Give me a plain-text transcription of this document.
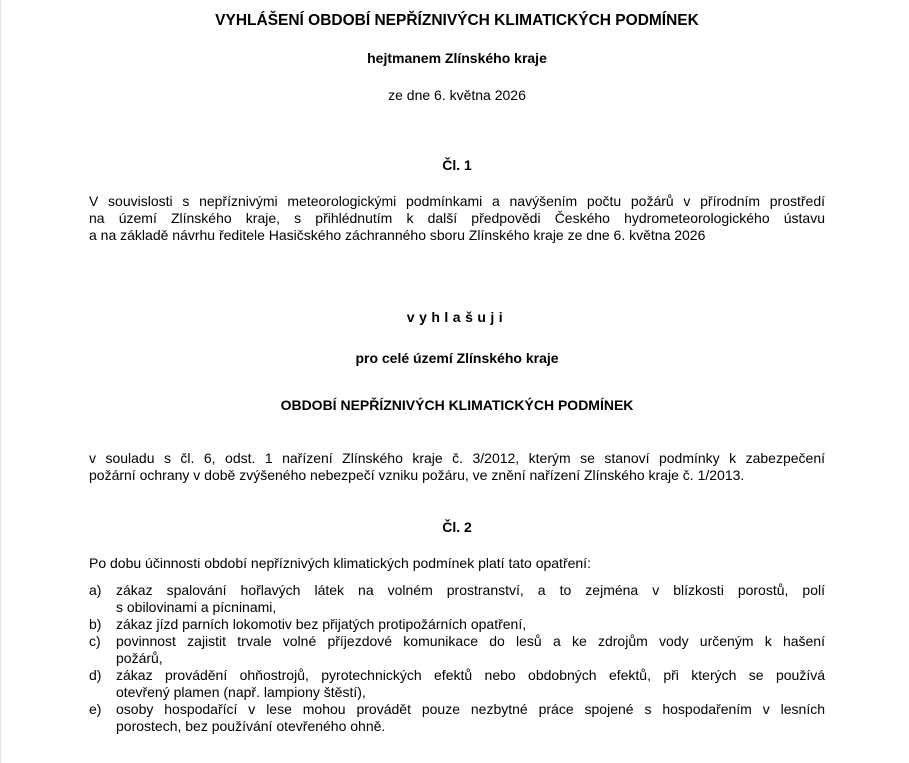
VYHLÁŠENÍ OBDOBÍ NEPŘÍZNIVÝCH KLIMATICKÝCH PODMÍNEK
hejtmanem Zlínského kraje
ze dne 6. května 2026
Čl. 1
V souvislosti s nepříznivými meteorologickými podmínkami a navýšením počtu požárů v přírodním prostředí
na území Zlínského kraje, s přihlédnutím k další předpovědi Českého hydrometeorologického ústavu
a na základě návrhu ředitele Hasičského záchranného sboru Zlínského kraje ze dne 6. května 2026
vyhlašuji
pro celé území Zlínského kraje
OBDOBÍ NEPŘÍZNIVÝCH KLIMATICKÝCH PODMÍNEK
v souladu s čl. 6, odst. 1 nařízení Zlínského kraje č. 3/2012, kterým se stanoví podmínky k zabezpečení
požární ochrany v době zvýšeného nebezpečí vzniku požáru, ve znění nařízení Zlínského kraje č. 1/2013.
Čl. 2
Po dobu účinnosti období nepříznivých klimatických podmínek platí tato opatření:
a) zákaz spalování hořlavých látek na volném prostranství, a to zejména v blízkosti porostů, polí
s obilovinami a pícninami,
b) zákaz jízd parních lokomotiv bez přijatých protipožárních opatření,
c) povinnost zajistit trvale volné příjezdové komunikace do lesů a ke zdrojům vody určeným k hašení
požárů,
d) zákaz provádění ohňostrojů, pyrotechnických efektů nebo obdobných efektů, při kterých se používá
otevřený plamen (např. lampiony štěstí),
e) osoby hospodařící v lese mohou provádět pouze nezbytné práce spojené s hospodařením v lesních
porostech, bez používání otevřeného ohně.
